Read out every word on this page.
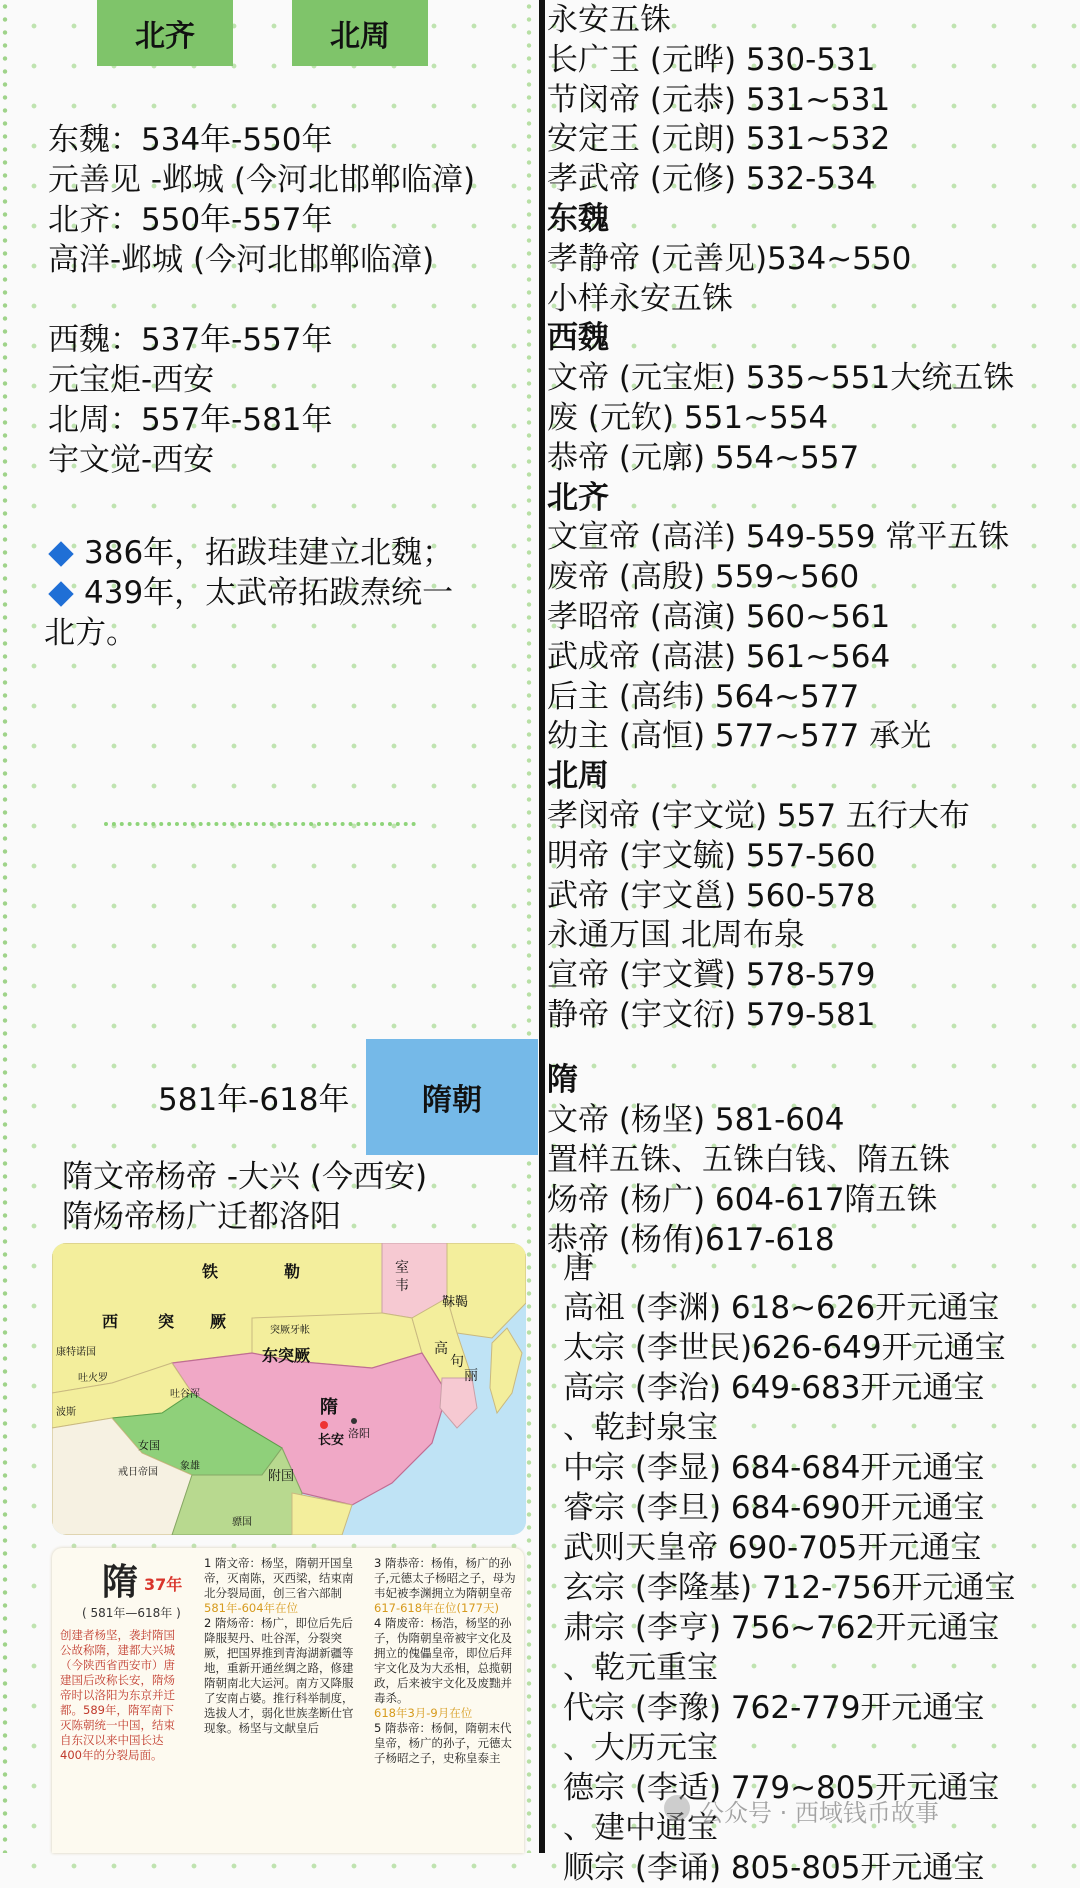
北齐	北周
东魏：534年-550年
元善见 -邺城 (今河北邯郸临漳)
北齐：550年-557年
高洋-邺城 (今河北邯郸临漳)
西魏：537年-557年
元宝炬-西安
北周：557年-581年
宇文觉-西安
386年，拓跋珪建立北魏；
439年，太武帝拓跋焘统一
北方。
581年-618年	隋朝
隋文帝杨帝 -大兴 (今西安)
隋炀帝杨广迁都洛阳
铁	勒	室
韦
西 突 厥
东突厥
突厥牙帐
靺鞨
高
句
丽
隋
长安 洛阳
附国
女国
戒日帝国
吐谷浑
波斯
康特诺国
吐火罗
象雄
骠国
隋 37年
( 581年—618年 )
创建者杨坚，袭封隋国公故称隋，建都大兴城（今陕西省西安市）唐建国后改称长安，隋炀帝时以洛阳为东京并迁都。589年，隋军南下灭陈朝统一中国，结束自东汉以来中国长达400年的分裂局面。
1 隋文帝：杨坚，隋朝开国皇帝，灭南陈，灭西梁，结束南北分裂局面，创三省六部制
581年-604年在位
2 隋炀帝：杨广，即位后先后降服契丹、吐谷浑，分裂突厥，把国界推到青海湖新疆等地，重新开通丝绸之路，修建隋朝南北大运河。南方又降服了安南占婆。推行科举制度，选拔人才，弱化世族垄断仕官现象。杨坚与文献皇后
3 隋恭帝：杨侑，杨广的孙子,元德太子杨昭之子，母为韦妃被李渊拥立为隋朝皇帝
617-618年在位(177天)
4 隋废帝：杨浩，杨坚的孙子，伪隋朝皇帝被宇文化及拥立的傀儡皇帝，即位后拜宇文化及为大丞相，总揽朝政，后来被宇文化及废黜并毒杀。
618年3月-9月在位
5 隋恭帝：杨侗，隋朝末代皇帝，杨广的孙子，元德太子杨昭之子，史称皇泰主
永安五铢
长广王 (元晔) 530-531
节闵帝 (元恭) 531~531
安定王 (元朗) 531~532
孝武帝 (元修) 532-534
东魏
孝静帝 (元善见)534~550
小样永安五铢
西魏
文帝 (元宝炬) 535~551大统五铢
废 (元钦) 551~554
恭帝 (元廓) 554~557
北齐
文宣帝 (高洋) 549-559 常平五铢
废帝 (高殷) 559~560
孝昭帝 (高演) 560~561
武成帝 (高湛) 561~564
后主 (高纬) 564~577
幼主 (高恒) 577~577 承光
北周
孝闵帝 (宇文觉) 557 五行大布
明帝 (宇文毓) 557-560
武帝 (宇文邕) 560-578
永通万国 北周布泉
宣帝 (宇文贇) 578-579
静帝 (宇文衍) 579-581
隋
文帝 (杨坚) 581-604
置样五铢、五铢白钱、隋五铢
炀帝 (杨广) 604-617隋五铢
恭帝 (杨侑)617-618
唐
高祖 (李渊) 618~626开元通宝
太宗 (李世民)626-649开元通宝
高宗 (李治) 649-683开元通宝
、乾封泉宝
中宗 (李显) 684-684开元通宝
睿宗 (李旦) 684-690开元通宝
武则天皇帝 690-705开元通宝
玄宗 (李隆基) 712-756开元通宝
肃宗 (李亨) 756~762开元通宝
、乾元重宝
代宗 (李豫) 762-779开元通宝
、大历元宝
德宗 (李适) 779~805开元通宝
、建中通宝
顺宗 (李诵) 805-805开元通宝
公众号 · 西域钱币故事
